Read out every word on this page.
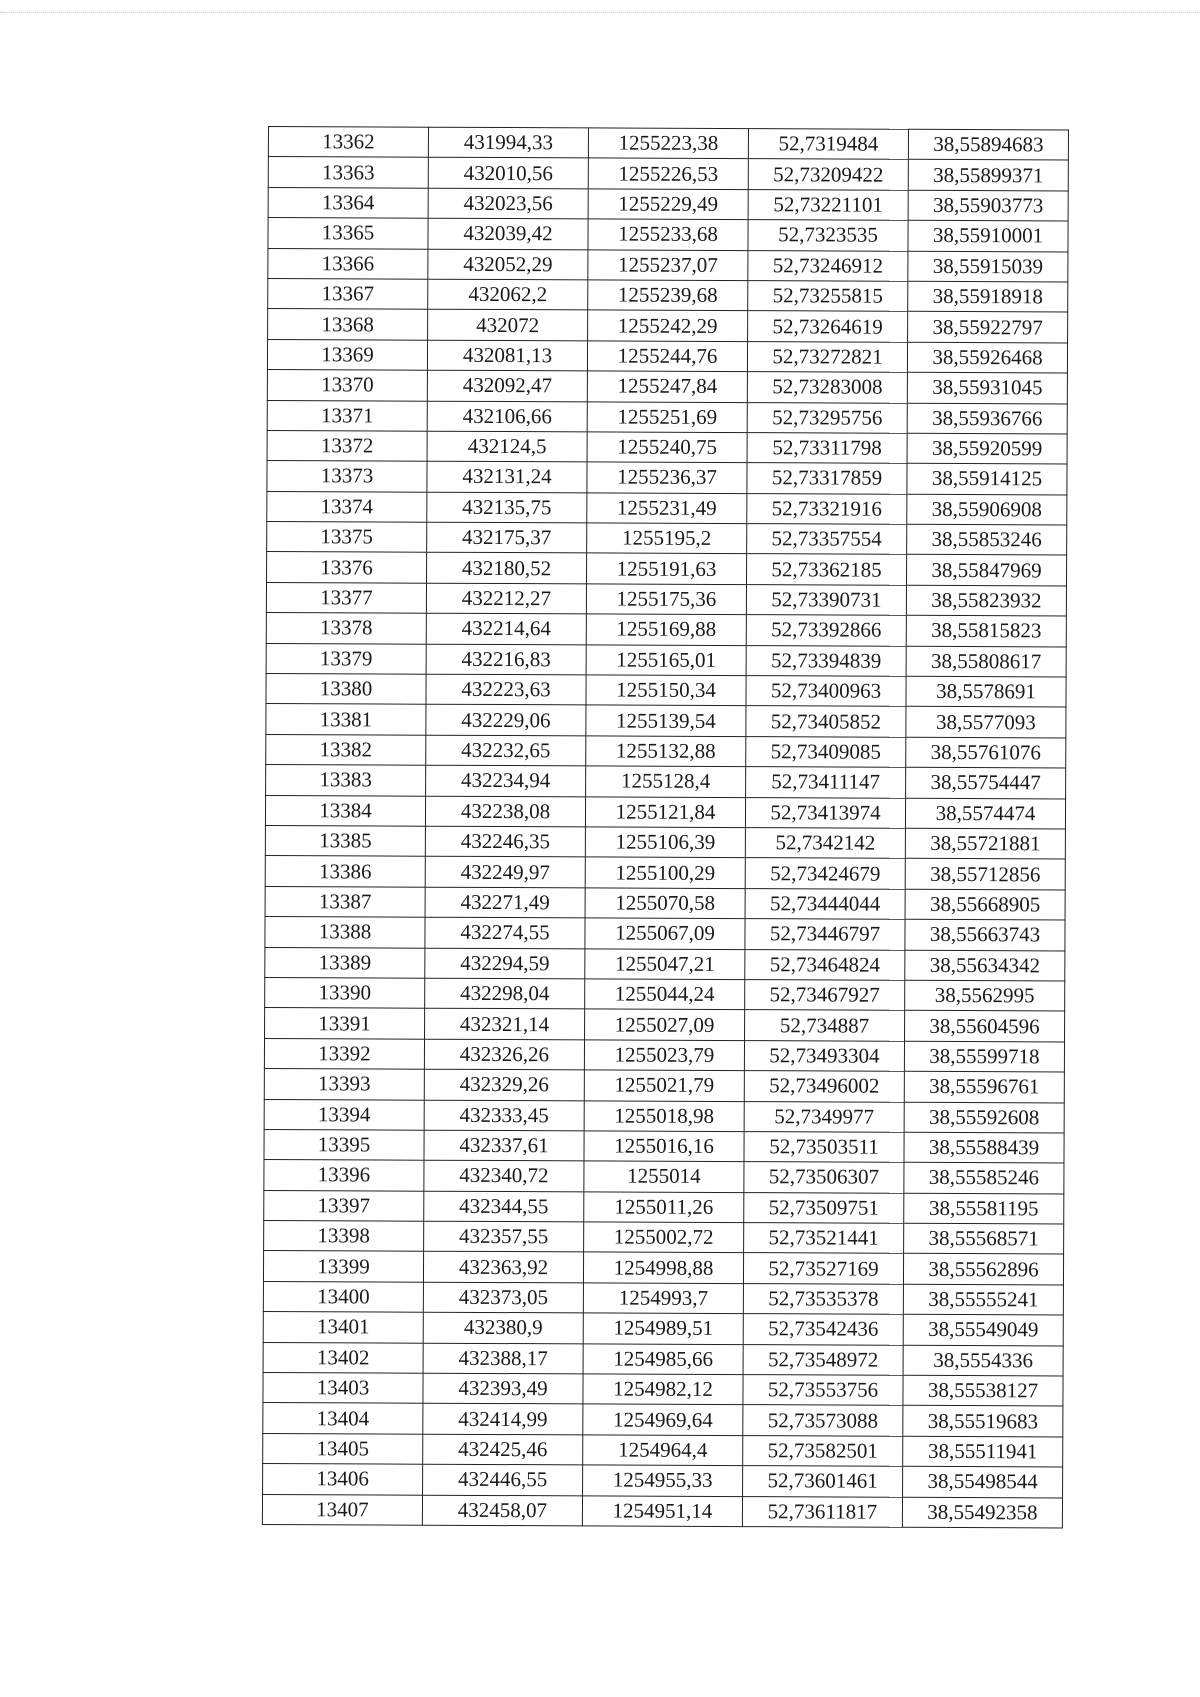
13362	431994,33	1255223,38	52,7319484	38,55894683
13363	432010,56	1255226,53	52,73209422	38,55899371
13364	432023,56	1255229,49	52,73221101	38,55903773
13365	432039,42	1255233,68	52,7323535	38,55910001
13366	432052,29	1255237,07	52,73246912	38,55915039
13367	432062,2	1255239,68	52,73255815	38,55918918
13368	432072	1255242,29	52,73264619	38,55922797
13369	432081,13	1255244,76	52,73272821	38,55926468
13370	432092,47	1255247,84	52,73283008	38,55931045
13371	432106,66	1255251,69	52,73295756	38,55936766
13372	432124,5	1255240,75	52,73311798	38,55920599
13373	432131,24	1255236,37	52,73317859	38,55914125
13374	432135,75	1255231,49	52,73321916	38,55906908
13375	432175,37	1255195,2	52,73357554	38,55853246
13376	432180,52	1255191,63	52,73362185	38,55847969
13377	432212,27	1255175,36	52,73390731	38,55823932
13378	432214,64	1255169,88	52,73392866	38,55815823
13379	432216,83	1255165,01	52,73394839	38,55808617
13380	432223,63	1255150,34	52,73400963	38,5578691
13381	432229,06	1255139,54	52,73405852	38,5577093
13382	432232,65	1255132,88	52,73409085	38,55761076
13383	432234,94	1255128,4	52,73411147	38,55754447
13384	432238,08	1255121,84	52,73413974	38,5574474
13385	432246,35	1255106,39	52,7342142	38,55721881
13386	432249,97	1255100,29	52,73424679	38,55712856
13387	432271,49	1255070,58	52,73444044	38,55668905
13388	432274,55	1255067,09	52,73446797	38,55663743
13389	432294,59	1255047,21	52,73464824	38,55634342
13390	432298,04	1255044,24	52,73467927	38,5562995
13391	432321,14	1255027,09	52,734887	38,55604596
13392	432326,26	1255023,79	52,73493304	38,55599718
13393	432329,26	1255021,79	52,73496002	38,55596761
13394	432333,45	1255018,98	52,7349977	38,55592608
13395	432337,61	1255016,16	52,73503511	38,55588439
13396	432340,72	1255014	52,73506307	38,55585246
13397	432344,55	1255011,26	52,73509751	38,55581195
13398	432357,55	1255002,72	52,73521441	38,55568571
13399	432363,92	1254998,88	52,73527169	38,55562896
13400	432373,05	1254993,7	52,73535378	38,55555241
13401	432380,9	1254989,51	52,73542436	38,55549049
13402	432388,17	1254985,66	52,73548972	38,5554336
13403	432393,49	1254982,12	52,73553756	38,55538127
13404	432414,99	1254969,64	52,73573088	38,55519683
13405	432425,46	1254964,4	52,73582501	38,55511941
13406	432446,55	1254955,33	52,73601461	38,55498544
13407	432458,07	1254951,14	52,73611817	38,55492358
